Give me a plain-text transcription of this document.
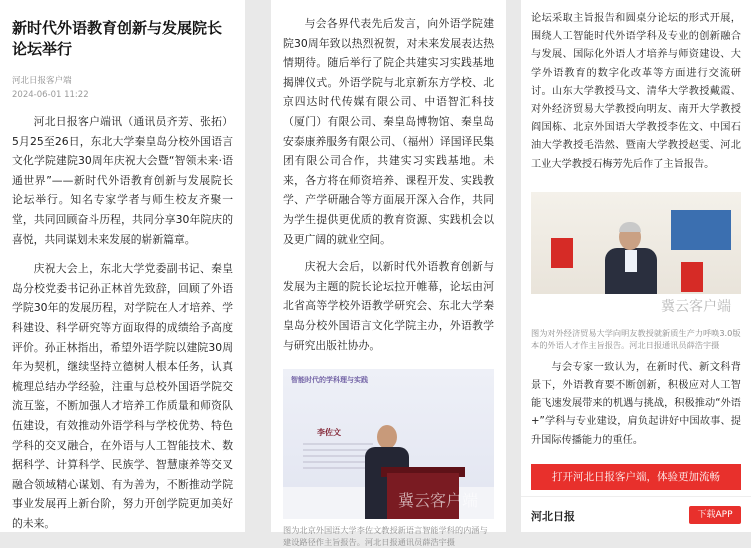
新时代外语教育创新与发展院长论坛举行
河北日报客户端
2024-06-01 11:22

河北日报客户端讯（通讯员齐芳、张拓）5月25至26日，东北大学秦皇岛分校外国语言文化学院建院30周年庆祝大会暨“智领未来·语通世界”——新时代外语教育创新与发展院长论坛举行。知名专家学者与师生校友齐聚一堂，共同回顾奋斗历程，共同分享30年院庆的喜悦，共同谋划未来发展的崭新篇章。

庆祝大会上，东北大学党委副书记、秦皇岛分校党委书记孙正林首先致辞，回顾了外语学院30年的发展历程，对学院在人才培养、学科建设、科学研究等方面取得的成绩给予高度评价。孙正林指出，希望外语学院以建院30周年为契机，继续坚持立德树人根本任务，认真梳理总结办学经验，注重与总校外国语学院交流互鉴，不断加强人才培养工作质量和师资队伍建设，有效推动外语学科与学校优势、特色学科的交叉融合，在外语与人工智能技术、数据科学、计算科学、民族学、智慧康养等交叉融合领域精心谋划、有为善为，不断推动学院事业发展再上新台阶，努力开创学院更加美好的未来。

与会各界代表先后发言，向外语学院建院30周年致以热烈祝贺，对未来发展表达热情期待。随后举行了院企共建实习实践基地揭牌仪式。外语学院与北京新东方学校、北京四达时代传媒有限公司、中语智汇科技（厦门）有限公司、秦皇岛博物馆、秦皇岛安泰康养服务有限公司、（福州）译国译民集团有限公司合作，共建实习实践基地。未来，各方将在师资培养、课程开发、实践教学、产学研融合等方面展开深入合作，共同为学生提供更优质的教育资源、实践机会以及更广阔的就业空间。

庆祝大会后，以新时代外语教育创新与发展为主题的院长论坛拉开帷幕，论坛由河北省高等学校外语教学研究会、东北大学秦皇岛分校外国语言文化学院主办，外语教学与研究出版社协办。

智能时代的学科理与实践
李佐文
冀云客户端
图为北京外国语大学李佐文教授新语言智能学科的内涵与建设路径作主旨报告。河北日报通讯员薛浩宇摄

论坛采取主旨报告和圆桌分论坛的形式开展，围绕人工智能时代外语学科及专业的创新融合与发展、国际化外语人才培养与师资建设、大学外语教育的数字化改革等方面进行交流研讨。山东大学教授马文、清华大学教授戴霞、对外经济贸易大学教授向明友、南开大学教授阎国栋、北京外国语大学教授李佐文、中国石油大学教授毛浩然、暨南大学教授赵雯、河北工业大学教授石梅芳先后作了主旨报告。

冀云客户端
图为对外经济贸易大学向明友教授就新质生产力呼唤3.0版本的外语人才作主旨报告。河北日报通讯员薛浩宇摄

与会专家一致认为，在新时代、新文科背景下，外语教育要不断创新，积极应对人工智能飞速发展带来的机遇与挑战，积极推动“外语+”学科与专业建设，肩负起讲好中国故事、提升国际传播能力的重任。

打开河北日报客户端，体验更加流畅
河北日报	下载APP
